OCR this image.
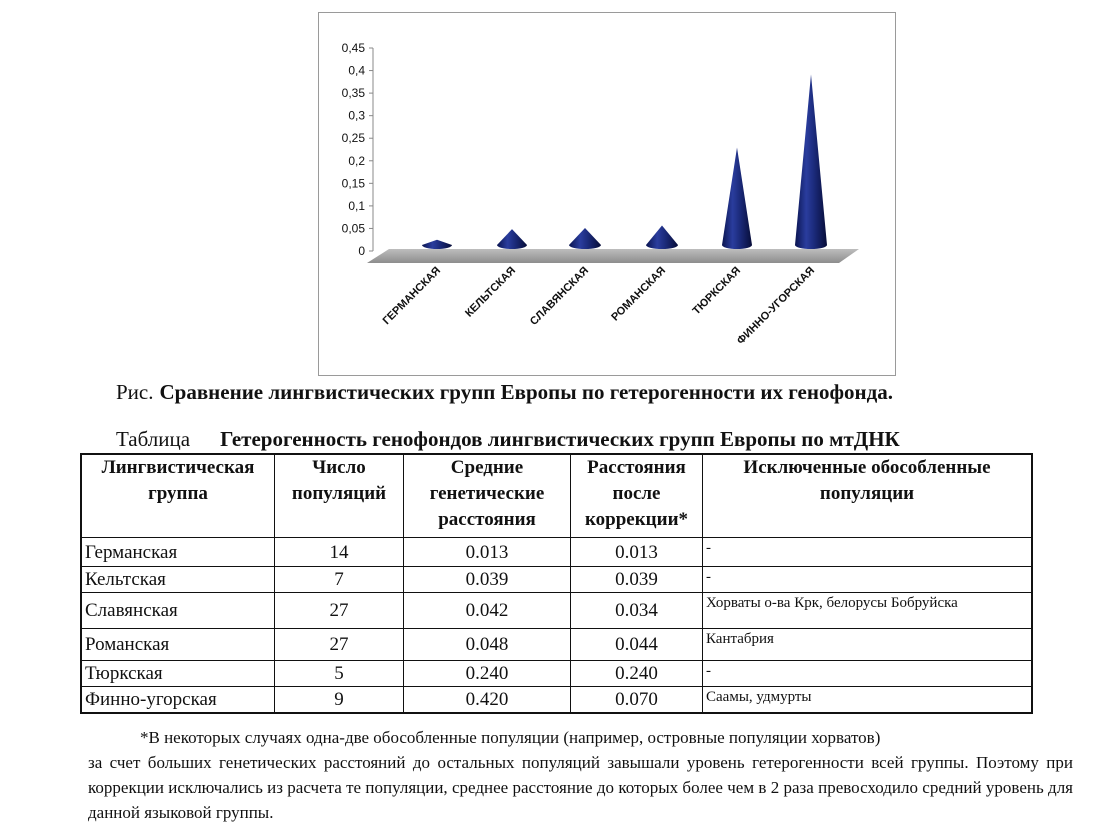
0
0,05
0,1
0,15
0,2
0,25
0,3
0,35
0,4
0,45
ГЕРМАНСКАЯ КЕЛЬТСКАЯ СЛАВЯНСКАЯ РОМАНСКАЯ ТЮРКСКАЯ
ФИННО-УГОРСКАЯ
Рис. Сравнение лингвистических групп Европы по гетерогенности их генофонда.
Таблица Гетерогенность генофондов лингвистических групп Европы по мтДНК
Лингвистическая группа	Число популяций	Средние генетические расстояния	Расстояния после коррекции*	Исключенные обособленные популяции
Германская	14	0.013	0.013	-
Кельтская	7	0.039	0.039	-
Славянская	27	0.042	0.034	Хорваты о-ва Крк, белорусы Бобруйска
Романская	27	0.048	0.044	Кантабрия
Тюркская	5	0.240	0.240	-
Финно-угорская	9	0.420	0.070	Саамы, удмурты
*В некоторых случаях одна-две обособленные популяции (например, островные популяции хорватов)
за счет больших генетических расстояний до остальных популяций завышали уровень гетерогенности всей группы. Поэтому при коррекции исключались из расчета те популяции, среднее расстояние до которых более чем в 2 раза превосходило средний уровень для данной языковой группы.
